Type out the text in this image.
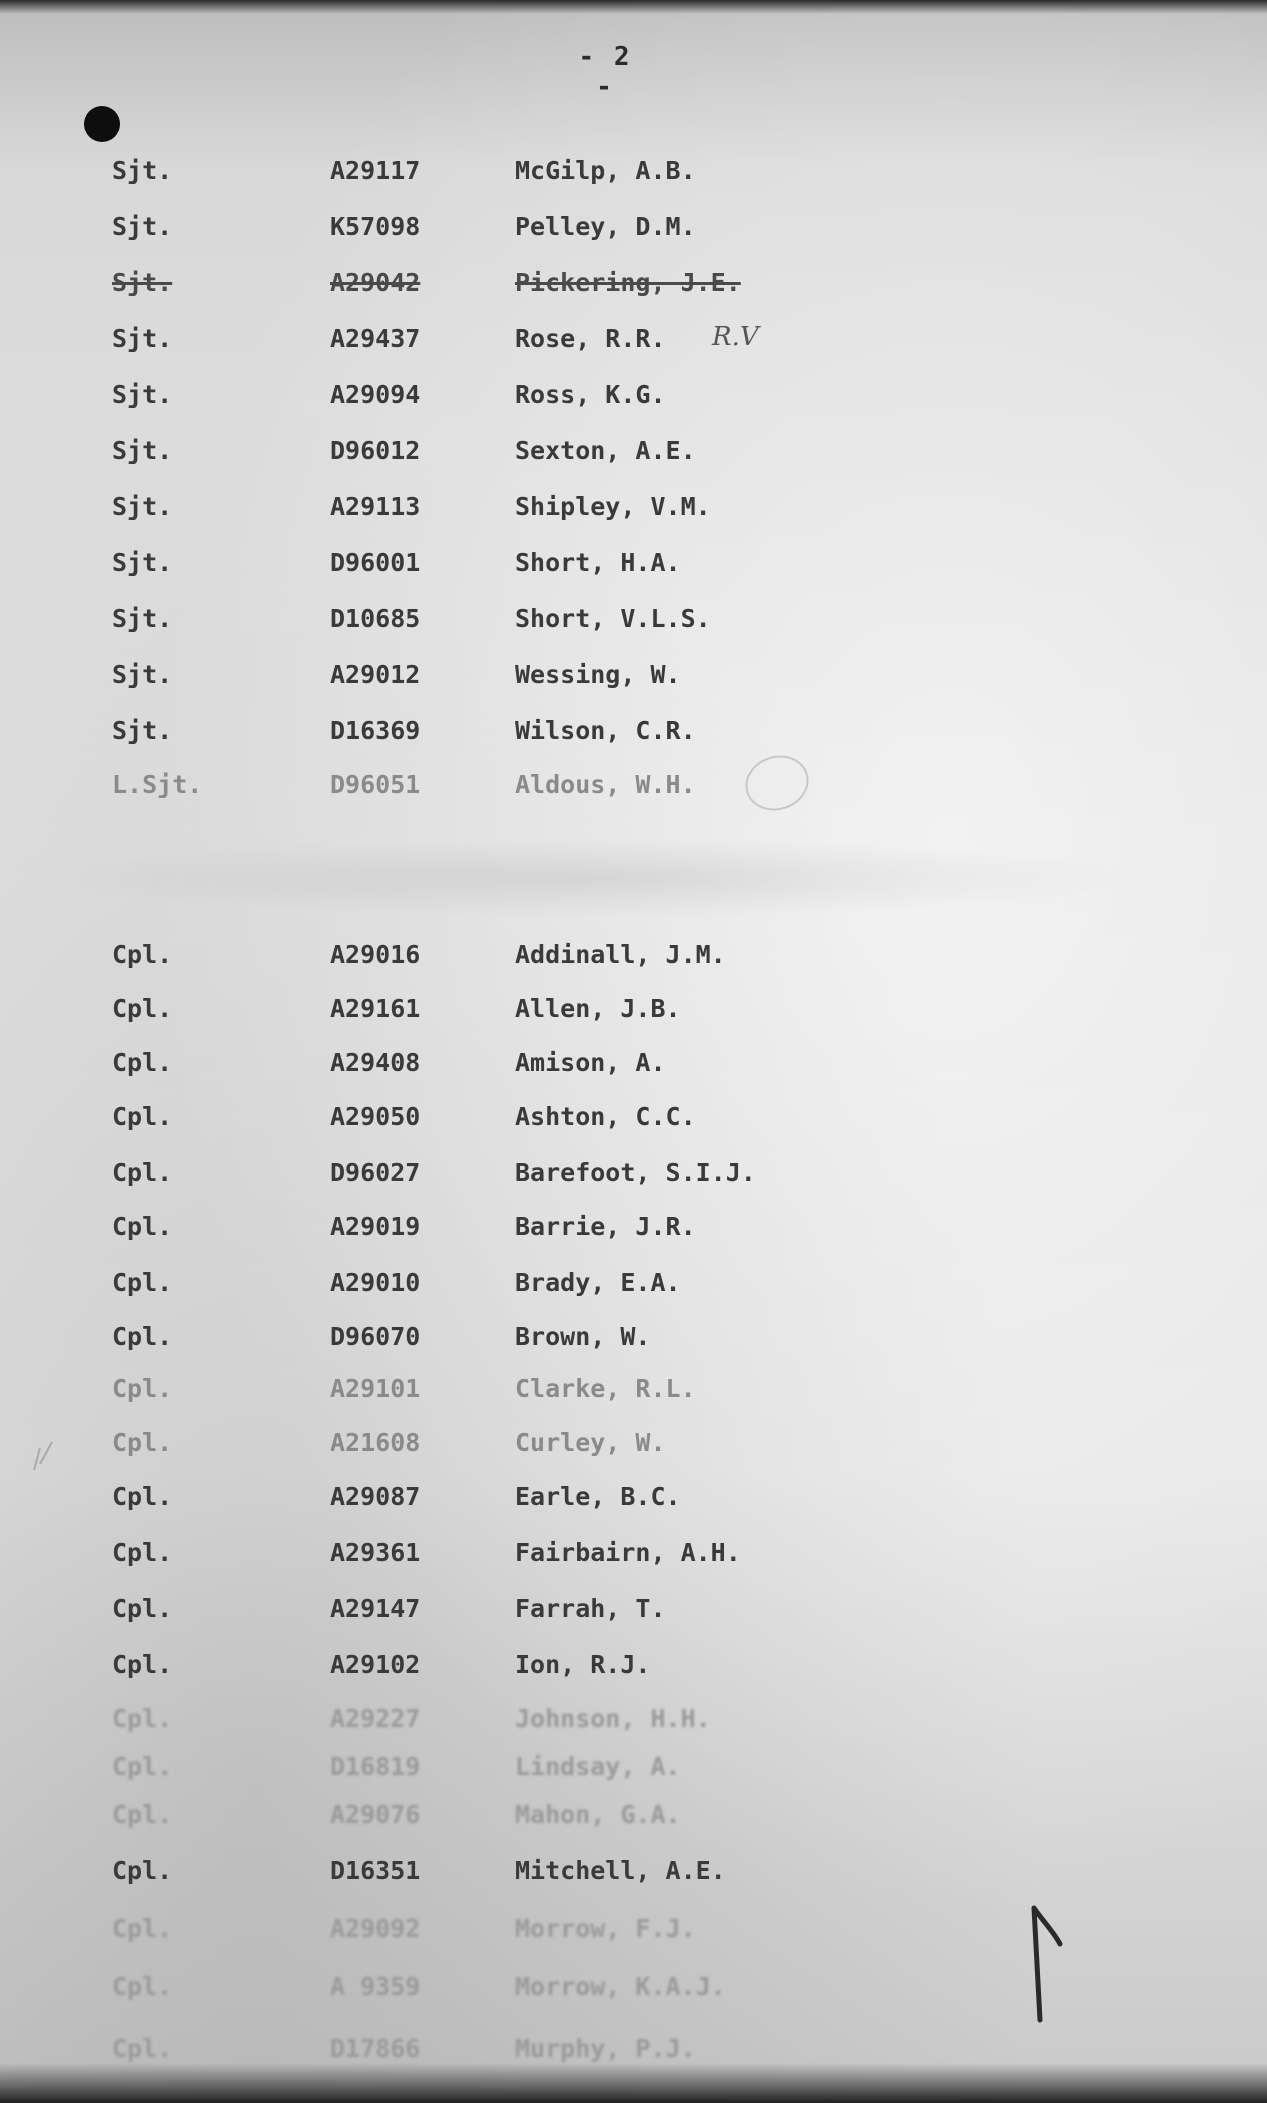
- 2 -
Sjt.	A29117	McGilp, A.B.
Sjt.	K57098	Pelley, D.M.
Sjt.	A29042	Pickering, J.E.
Sjt.	A29437	Rose, R.R.
Sjt.	A29094	Ross, K.G.
Sjt.	D96012	Sexton, A.E.
Sjt.	A29113	Shipley, V.M.
Sjt.	D96001	Short, H.A.
Sjt.	D10685	Short, V.L.S.
Sjt.	A29012	Wessing, W.
Sjt.	D16369	Wilson, C.R.
L.Sjt.	D96051	Aldous, W.H.
Cpl.	A29016	Addinall, J.M.
Cpl.	A29161	Allen, J.B.
Cpl.	A29408	Amison, A.
Cpl.	A29050	Ashton, C.C.
Cpl.	D96027	Barefoot, S.I.J.
Cpl.	A29019	Barrie, J.R.
Cpl.	A29010	Brady, E.A.
Cpl.	D96070	Brown, W.
Cpl.	A29101	Clarke, R.L.
Cpl.	A21608	Curley, W.
Cpl.	A29087	Earle, B.C.
Cpl.	A29361	Fairbairn, A.H.
Cpl.	A29147	Farrah, T.
Cpl.	A29102	Ion, R.J.
Cpl.	A29227	Johnson, H.H.
Cpl.	D16819	Lindsay, A.
Cpl.	A29076	Mahon, G.A.
Cpl.	D16351	Mitchell, A.E.
Cpl.	A29092	Morrow, F.J.
Cpl.	A 9359	Morrow, K.A.J.
Cpl.	D17866	Murphy, P.J.
R.V
